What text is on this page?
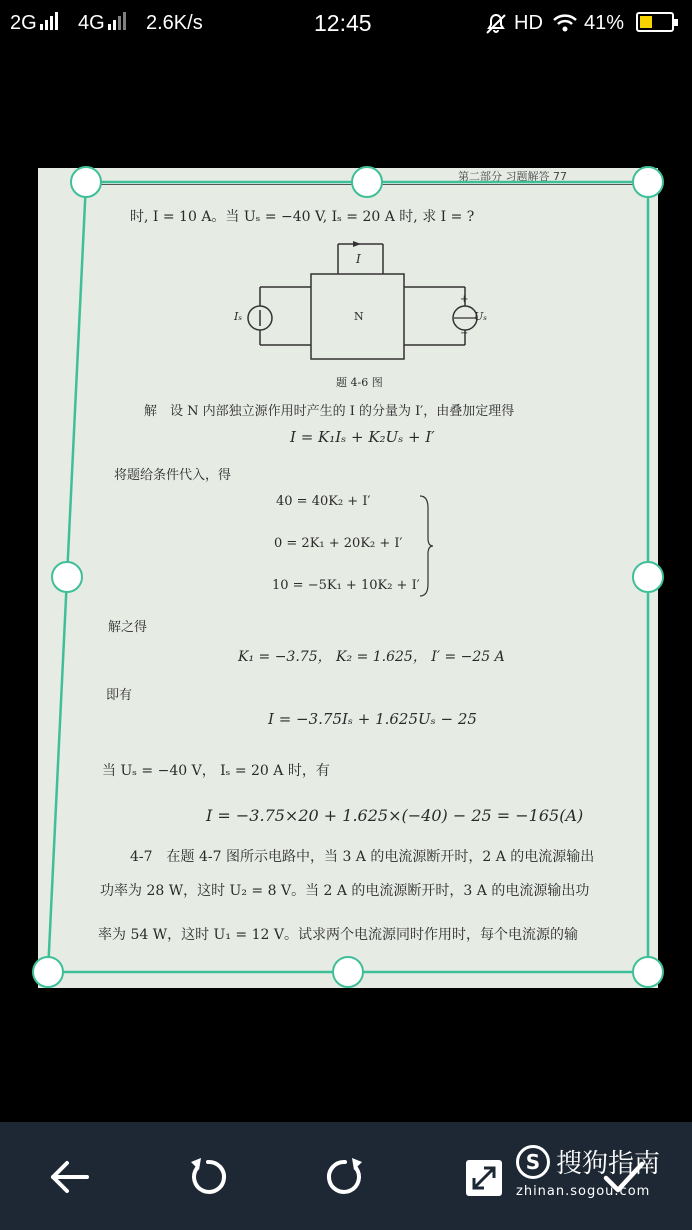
2G 4G 2.6K/s	12:45	HD 41%
第二部分 习题解答 77
时, I = 10 A。当 Uₛ = −40 V, Iₛ = 20 A 时, 求 I = ?
I
Iₛ	N	Uₛ
+
−
题 4-6 图
解　设 N 内部独立源作用时产生的 I 的分量为 I′，由叠加定理得
I = K₁Iₛ + K₂Uₛ + I′
将题给条件代入，得
40 = 40K₂ + I′
0 = 2K₁ + 20K₂ + I′
10 = −5K₁ + 10K₂ + I′
解之得
K₁ = −3.75， K₂ = 1.625， I′ = −25 A
即有
I = −3.75Iₛ + 1.625Uₛ − 25
当 Uₛ = −40 V， Iₛ = 20 A 时，有
I = −3.75×20 + 1.625×(−40) − 25 = −165(A)
4-7　在题 4-7 图所示电路中，当 3 A 的电流源断开时，2 A 的电流源输出
功率为 28 W，这时 U₂ = 8 V。当 2 A 的电流源断开时，3 A 的电流源输出功
率为 54 W，这时 U₁ = 12 V。试求两个电流源同时作用时，每个电流源的输
S 搜狗指南
zhinan.sogou.com
